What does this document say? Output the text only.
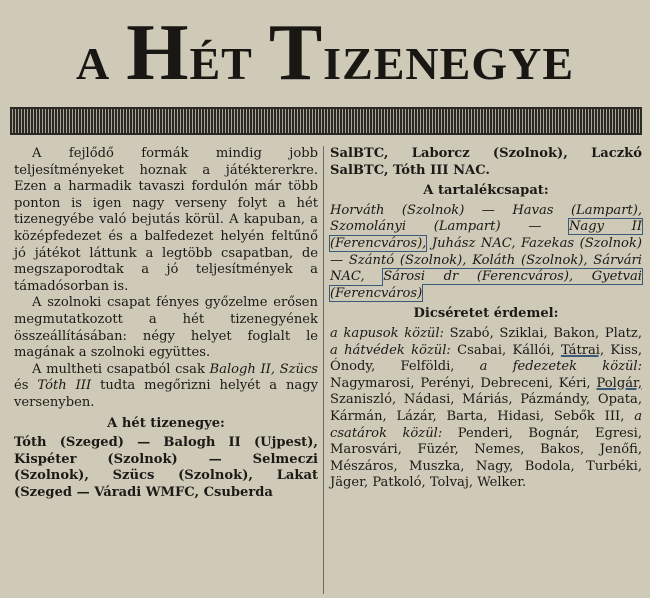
A HÉT TIZENEGYE

A fejlődő formák mindig jobb teljesítményeket hoznak a játéktererkre. Ezen a harmadik tavaszi fordulón már több ponton is igen nagy verseny folyt a hét tizenegyébe való bejutás körül. A kapuban, a középfedezet és a balfedezet helyén feltűnő jó játékot láttunk a legtöbb csapatban, de megszaporodtak a jó teljesítmények a támadósorban is.

A szolnoki csapat fényes győzelme erősen megmutatkozott a hét tizenegyének összeállításában: négy helyet foglalt le magának a szolnoki együttes.

A multheti csapatból csak Balogh II, Szücs és Tóth III tudta megőrizni helyét a nagy versenyben.

A hét tizenegye:

Tóth (Szeged) — Balogh II (Ujpest), Kispéter (Szolnok) — Selmeczi (Szolnok), Szücs (Szolnok), Lakat (Szeged — Váradi WMFC, Csuberda

SalBTC, Laborcz (Szolnok), Laczkó SalBTC, Tóth III NAC.

A tartalékcsapat:

Horváth (Szolnok) — Havas (Lampart), Szomolányi (Lampart) — Nagy II (Ferencváros), Juhász NAC, Fazekas (Szolnok) — Szántó (Szolnok), Koláth (Szolnok), Sárvári NAC, Sárosi dr (Ferencváros), Gyetvai (Ferencváros)

Dicséretet érdemel:

a kapusok közül: Szabó, Sziklai, Bakon, Platz, a hátvédek közül: Csabai, Kállói, Tátrai, Kiss, Ónody, Felföldi, a fedezetek közül: Nagymarosi, Perényi, Debreceni, Kéri, Polgár, Szaniszló, Nádasi, Máriás, Pázmándy, Opata, Kármán, Lázár, Barta, Hidasi, Sebők III, a csatárok közül: Penderi, Bognár, Egresi, Marosvári, Füzér, Nemes, Bakos, Jenőfi, Mészáros, Muszka, Nagy, Bodola, Turbéki, Jäger, Patkoló, Tolvaj, Welker.
